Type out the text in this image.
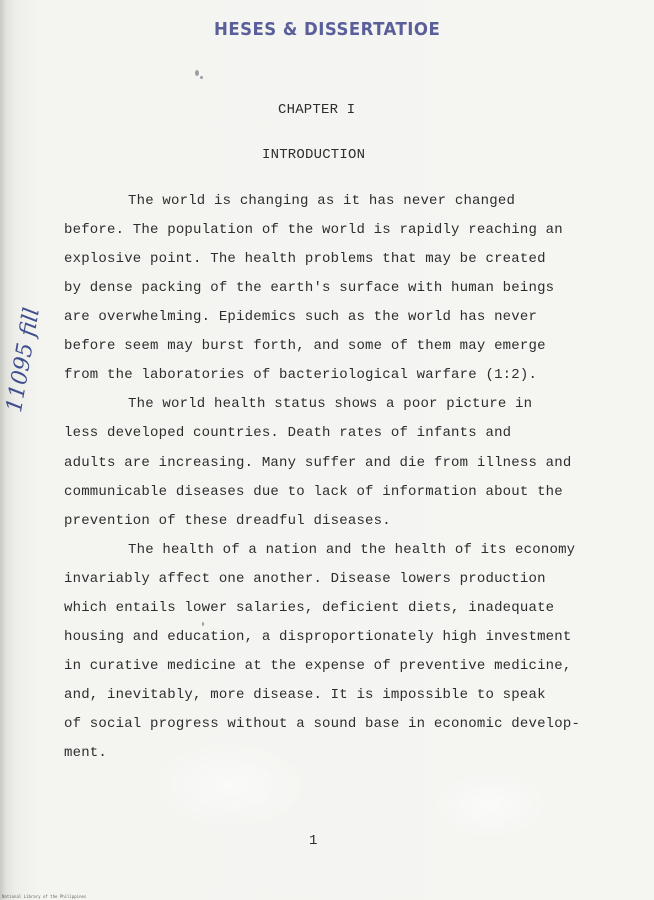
HESES & DISSERTATIOE
CHAPTER I
INTRODUCTION
The world is changing as it has never changed
before. The population of the world is rapidly reaching an
explosive point. The health problems that may be created
by dense packing of the earth's surface with human beings
are overwhelming. Epidemics such as the world has never
before seem may burst forth, and some of them may emerge
from the laboratories of bacteriological warfare (1:2).
The world health status shows a poor picture in
less developed countries. Death rates of infants and
adults are increasing. Many suffer and die from illness and
communicable diseases due to lack of information about the
prevention of these dreadful diseases.
The health of a nation and the health of its economy
invariably affect one another. Disease lowers production
which entails lower salaries, deficient diets, inadequate
housing and education, a disproportionately high investment
in curative medicine at the expense of preventive medicine,
and, inevitably, more disease. It is impossible to speak
of social progress without a sound base in economic develop-
ment.
1
11095 fill
National Library of the Philippines
